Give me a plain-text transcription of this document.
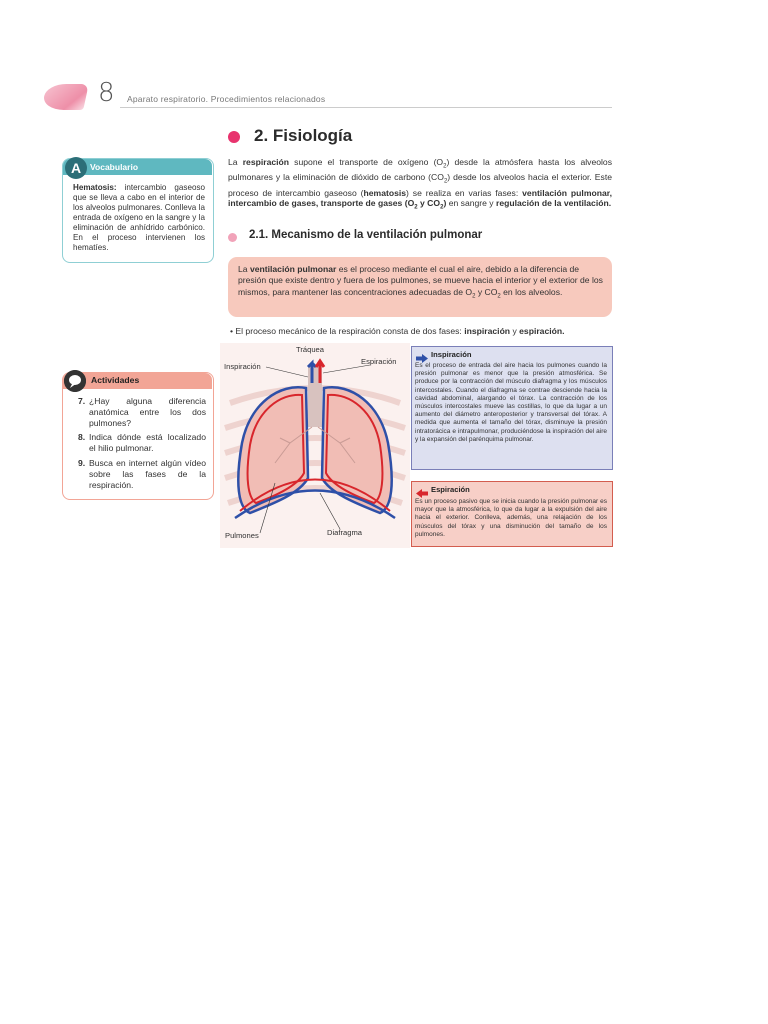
8 Aparato respiratorio. Procedimientos relacionados
2. Fisiología
La respiración supone el transporte de oxígeno $(O_2)$ desde la atmósfera hasta los alveolos pulmonares y la eliminación de dióxido de carbono $(CO_2)$ desde los alveolos hacia el exterior. Este proceso de intercambio gaseoso (hematosis) se realiza en varias fases: ventilación pulmonar, intercambio de gases, transporte de gases ($O_2$ y $CO_2$) en sangre y regulación de la ventilación.
2.1. Mecanismo de la ventilación pulmonar
La ventilación pulmonar es el proceso mediante el cual el aire, debido a la diferencia de presión que existe dentro y fuera de los pulmones, se mueve hacia el interior y el exterior de los mismos, para mantener las concentraciones adecuadas de $O_2$ y $CO_2$ en los alveolos.
• El proceso mecánico de la respiración consta de dos fases: inspiración y espiración.
A	Vocabulario
Hematosis: intercambio gaseoso que se lleva a cabo en el interior de los alveolos pulmonares. Conlleva la entrada de oxígeno en la sangre y la eliminación de anhídrido carbónico. En el proceso intervienen los hematíes.
Actividades
7. ¿Hay alguna diferencia anatómica entre los dos pulmones?
8. Indica dónde está localizado el hilio pulmonar.
9. Busca en internet algún vídeo sobre las fases de la respiración.
Tráquea
Inspiración
Espiración
Pulmones	Diafragma
Inspiración
Es el proceso de entrada del aire hacia los pulmones cuando la presión pulmonar es menor que la presión atmosférica. Se produce por la contracción del músculo diafragma y los músculos intercostales. Cuando el diafragma se contrae desciende hacia la cavidad abdominal, alargando el tórax. La contracción de los músculos intercostales mueve las costillas, lo que da lugar a un aumento del diámetro anteroposterior y transversal del tórax. A medida que aumenta el tamaño del tórax, disminuye la presión intratorácica e intrapulmonar, produciéndose la inspiración del aire y la expansión del parénquima pulmonar.
Espiración
Es un proceso pasivo que se inicia cuando la presión pulmonar es mayor que la atmosférica, lo que da lugar a la expulsión del aire hacia el exterior. Conlleva, además, una relajación de los músculos del tórax y una disminución del tamaño de los pulmones.
